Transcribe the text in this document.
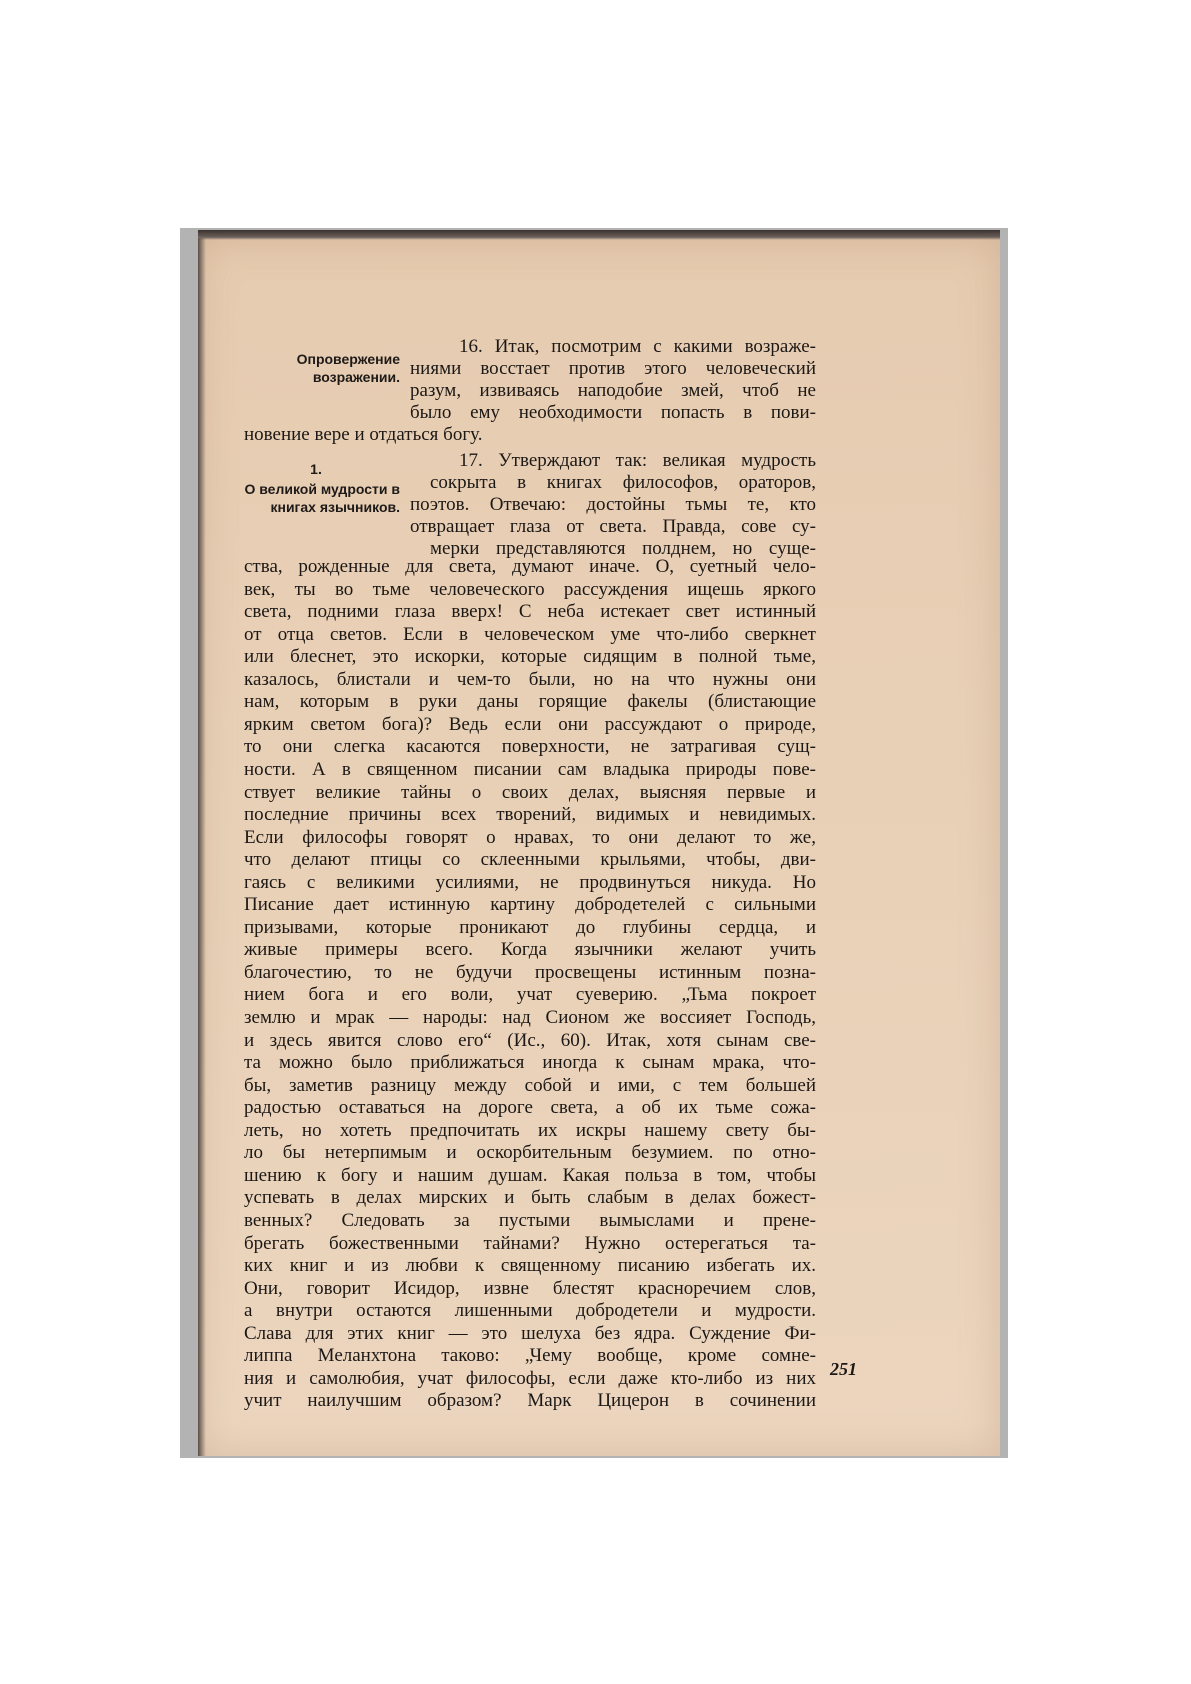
Опровержение возражении.
1.
О великой мудрости в книгах язычников.
16. Итак, посмотрим с какими возраже-
ниями восстает против этого человеческий
разум, извиваясь наподобие змей, чтоб не
было ему необходимости попасть в пови-
новение вере и отдаться богу.
17. Утверждают так: великая мудрость
сокрыта в книгах философов, ораторов,
поэтов. Отвечаю: достойны тьмы те, кто
отвращает глаза от света. Правда, сове су-
мерки представляются полднем, но суще-
ства, рожденные для света, думают иначе. О, суетный чело-
век, ты во тьме человеческого рассуждения ищешь яркого
света, подними глаза вверх! С неба истекает свет истинный
от отца светов. Если в человеческом уме что-либо сверкнет
или блеснет, это искорки, которые сидящим в полной тьме,
казалось, блистали и чем-то были, но на что нужны они
нам, которым в руки даны горящие факелы (блистающие
ярким светом бога)? Ведь если они рассуждают о природе,
то они слегка касаются поверхности, не затрагивая сущ-
ности. А в священном писании сам владыка природы пове-
ствует великие тайны о своих делах, выясняя первые и
последние причины всех творений, видимых и невидимых.
Если философы говорят о нравах, то они делают то же,
что делают птицы со склеенными крыльями, чтобы, дви-
гаясь с великими усилиями, не продвинуться никуда. Но
Писание дает истинную картину добродетелей с сильными
призывами, которые проникают до глубины сердца, и
живые примеры всего. Когда язычники желают учить
благочестию, то не будучи просвещены истинным позна-
нием бога и его воли, учат суеверию. „Тьма покроет
землю и мрак — народы: над Сионом же воссияет Господь,
и здесь явится слово его“ (Ис., 60). Итак, хотя сынам све-
та можно было приближаться иногда к сынам мрака, что-
бы, заметив разницу между собой и ими, с тем большей
радостью оставаться на дороге света, а об их тьме сожа-
леть, но хотеть предпочитать их искры нашему свету бы-
ло бы нетерпимым и оскорбительным безумием. по отно-
шению к богу и нашим душам. Какая польза в том, чтобы
успевать в делах мирских и быть слабым в делах божест-
венных? Следовать за пустыми вымыслами и прене-
брегать божественными тайнами? Нужно остерегаться та-
ких книг и из любви к священному писанию избегать их.
Они, говорит Исидор, извне блестят красноречием слов,
а внутри остаются лишенными добродетели и мудрости.
Слава для этих книг — это шелуха без ядра. Суждение Фи-
липпа Меланхтона таково: „Чему вообще, кроме сомне-
ния и самолюбия, учат философы, если даже кто-либо из них
учит наилучшим образом? Марк Цицерон в сочинении
251
